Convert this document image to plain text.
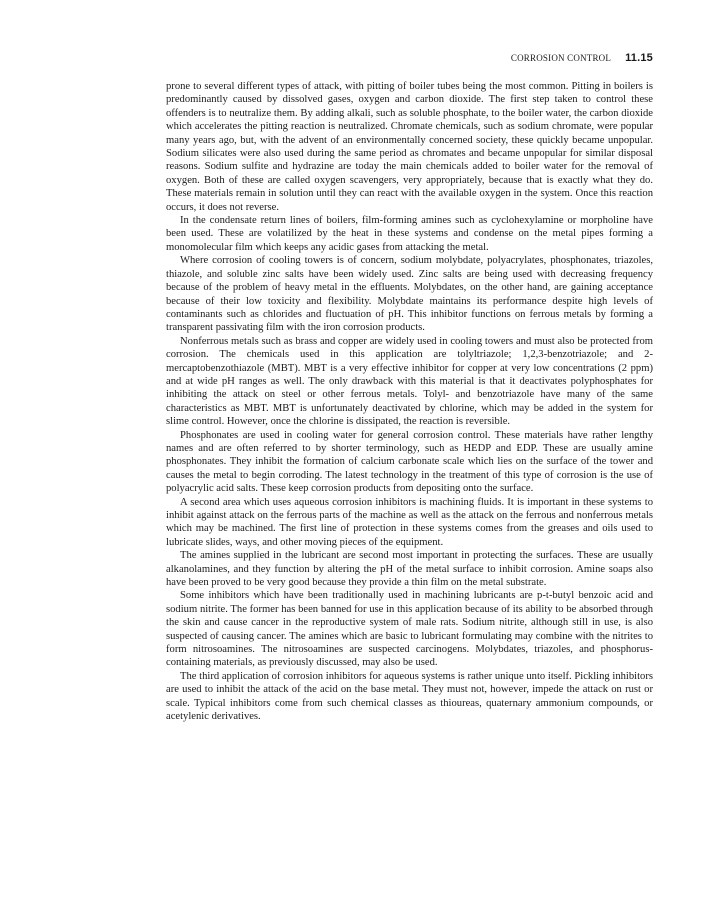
CORROSION CONTROL 11.15

prone to several different types of attack, with pitting of boiler tubes being the most common. Pitting in boilers is predominantly caused by dissolved gases, oxygen and carbon dioxide. The first step taken to control these offenders is to neutralize them. By adding alkali, such as soluble phosphate, to the boiler water, the carbon dioxide which accelerates the pitting reaction is neutralized. Chromate chemicals, such as sodium chromate, were popular many years ago, but, with the advent of an environmentally concerned society, these quickly became unpopular. Sodium silicates were also used during the same period as chromates and became unpopular for similar disposal reasons. Sodium sulfite and hydrazine are today the main chemicals added to boiler water for the removal of oxygen. Both of these are called oxygen scavengers, very appropriately, because that is exactly what they do. These materials remain in solution until they can react with the available oxygen in the system. Once this reaction occurs, it does not reverse.

In the condensate return lines of boilers, film-forming amines such as cyclohexylamine or morpholine have been used. These are volatilized by the heat in these systems and condense on the metal pipes forming a monomolecular film which keeps any acidic gases from attacking the metal.

Where corrosion of cooling towers is of concern, sodium molybdate, polyacrylates, phosphonates, triazoles, thiazole, and soluble zinc salts have been widely used. Zinc salts are being used with decreasing frequency because of the problem of heavy metal in the effluents. Molybdates, on the other hand, are gaining acceptance because of their low toxicity and flexibility. Molybdate maintains its performance despite high levels of contaminants such as chlorides and fluctuation of pH. This inhibitor functions on ferrous metals by forming a transparent passivating film with the iron corrosion products.

Nonferrous metals such as brass and copper are widely used in cooling towers and must also be protected from corrosion. The chemicals used in this application are tolyltriazole; 1,2,3-benzotriazole; and 2-mercaptobenzothiazole (MBT). MBT is a very effective inhibitor for copper at very low concentrations (2 ppm) and at wide pH ranges as well. The only drawback with this material is that it deactivates polyphosphates for inhibiting the attack on steel or other ferrous metals. Tolyl- and benzotriazole have many of the same characteristics as MBT. MBT is unfortunately deactivated by chlorine, which may be added in the system for slime control. However, once the chlorine is dissipated, the reaction is reversible.

Phosphonates are used in cooling water for general corrosion control. These materials have rather lengthy names and are often referred to by shorter terminology, such as HEDP and EDP. These are usually amine phosphonates. They inhibit the formation of calcium carbonate scale which lies on the surface of the tower and causes the metal to begin corroding. The latest technology in the treatment of this type of corrosion is the use of polyacrylic acid salts. These keep corrosion products from depositing onto the surface.

A second area which uses aqueous corrosion inhibitors is machining fluids. It is important in these systems to inhibit against attack on the ferrous parts of the machine as well as the attack on the ferrous and nonferrous metals which may be machined. The first line of protection in these systems comes from the greases and oils used to lubricate slides, ways, and other moving pieces of the equipment.

The amines supplied in the lubricant are second most important in protecting the surfaces. These are usually alkanolamines, and they function by altering the pH of the metal surface to inhibit corrosion. Amine soaps also have been proved to be very good because they provide a thin film on the metal substrate.

Some inhibitors which have been traditionally used in machining lubricants are p-t-butyl benzoic acid and sodium nitrite. The former has been banned for use in this application because of its ability to be absorbed through the skin and cause cancer in the reproductive system of male rats. Sodium nitrite, although still in use, is also suspected of causing cancer. The amines which are basic to lubricant formulating may combine with the nitrites to form nitrosoamines. The nitrosoamines are suspected carcinogens. Molybdates, triazoles, and phosphorus-containing materials, as previously discussed, may also be used.

The third application of corrosion inhibitors for aqueous systems is rather unique unto itself. Pickling inhibitors are used to inhibit the attack of the acid on the base metal. They must not, however, impede the attack on rust or scale. Typical inhibitors come from such chemical classes as thioureas, quaternary ammonium compounds, or acetylenic derivatives.
